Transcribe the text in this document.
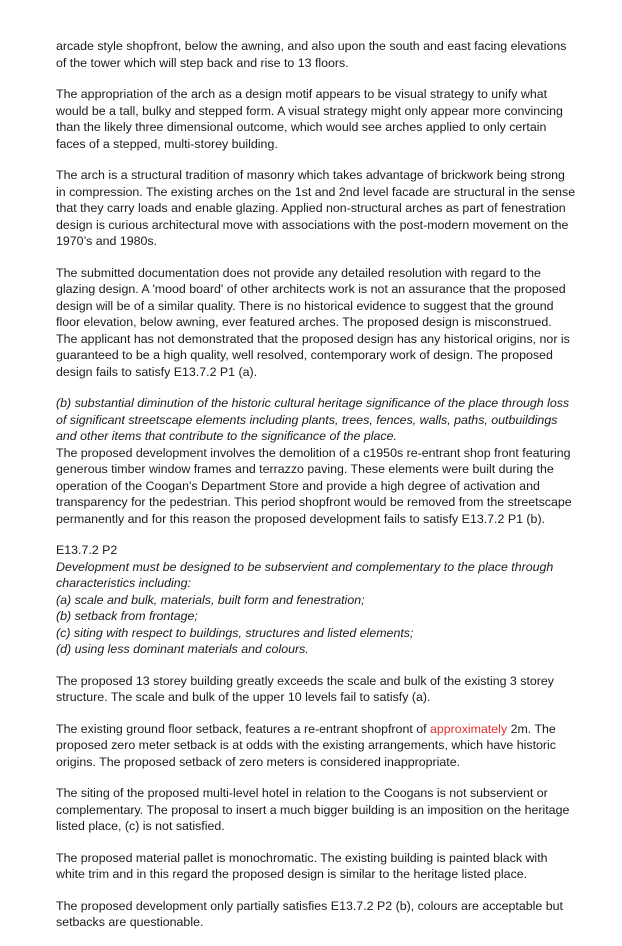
arcade style shopfront, below the awning, and also upon the south and east facing elevations of the tower which will step back and rise to 13 floors.

The appropriation of the arch as a design motif appears to be visual strategy to unify what would be a tall, bulky and stepped form. A visual strategy might only appear more convincing than the likely three dimensional outcome, which would see arches applied to only certain faces of a stepped, multi-storey building.

The arch is a structural tradition of masonry which takes advantage of brickwork being strong in compression. The existing arches on the 1st and 2nd level facade are structural in the sense that they carry loads and enable glazing. Applied non-structural arches as part of fenestration design is curious architectural move with associations with the post-modern movement on the 1970’s and 1980s.

The submitted documentation does not provide any detailed resolution with regard to the glazing design. A 'mood board' of other architects work is not an assurance that the proposed design will be of a similar quality. There is no historical evidence to suggest that the ground floor elevation, below awning, ever featured arches. The proposed design is misconstrued. The applicant has not demonstrated that the proposed design has any historical origins, nor is guaranteed to be a high quality, well resolved, contemporary work of design. The proposed design fails to satisfy E13.7.2 P1 (a).

(b) substantial diminution of the historic cultural heritage significance of the place through loss of significant streetscape elements including plants, trees, fences, walls, paths, outbuildings and other items that contribute to the significance of the place.
The proposed development involves the demolition of a c1950s re-entrant shop front featuring generous timber window frames and terrazzo paving. These elements were built during the operation of the Coogan's Department Store and provide a high degree of activation and transparency for the pedestrian. This period shopfront would be removed from the streetscape permanently and for this reason the proposed development fails to satisfy E13.7.2 P1 (b).
E13.7.2 P2
Development must be designed to be subservient and complementary to the place through characteristics including:
(a) scale and bulk, materials, built form and fenestration;
(b) setback from frontage;
(c) siting with respect to buildings, structures and listed elements;
(d) using less dominant materials and colours.

The proposed 13 storey building greatly exceeds the scale and bulk of the existing 3 storey structure. The scale and bulk of the upper 10 levels fail to satisfy (a).

The existing ground floor setback, features a re-entrant shopfront of approximately 2m. The proposed zero meter setback is at odds with the existing arrangements, which have historic origins. The proposed setback of zero meters is considered inappropriate.

The siting of the proposed multi-level hotel in relation to the Coogans is not subservient or complementary. The proposal to insert a much bigger building is an imposition on the heritage listed place, (c) is not satisfied.

The proposed material pallet is monochromatic. The existing building is painted black with white trim and in this regard the proposed design is similar to the heritage listed place.

The proposed development only partially satisfies E13.7.2 P2 (b), colours are acceptable but setbacks are questionable.
